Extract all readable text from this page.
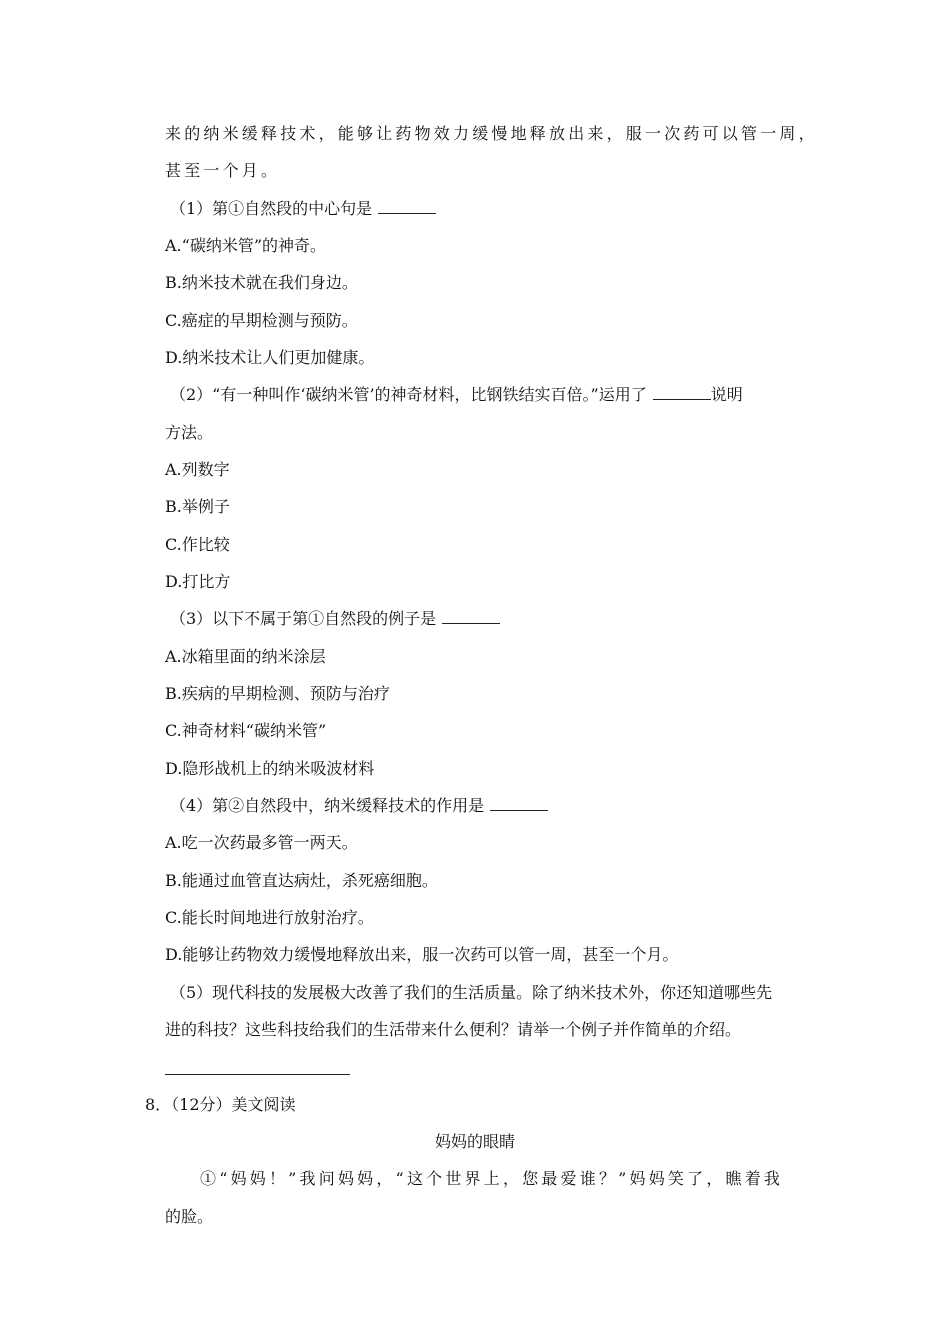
来的纳米缓释技术，能够让药物效力缓慢地释放出来，服一次药可以管一周，
甚至一个月。
（1）第①自然段的中心句是
A.“碳纳米管”的神奇。
B.纳米技术就在我们身边。
C.癌症的早期检测与预防。
D.纳米技术让人们更加健康。
（2）“有一种叫作‘碳纳米管’的神奇材料，比钢铁结实百倍。”运用了	说明
方法。
A.列数字
B.举例子
C.作比较
D.打比方
（3）以下不属于第①自然段的例子是
A.冰箱里面的纳米涂层
B.疾病的早期检测、预防与治疗
C.神奇材料“碳纳米管”
D.隐形战机上的纳米吸波材料
（4）第②自然段中，纳米缓释技术的作用是
A.吃一次药最多管一两天。
B.能通过血管直达病灶，杀死癌细胞。
C.能长时间地进行放射治疗。
D.能够让药物效力缓慢地释放出来，服一次药可以管一周，甚至一个月。
（5）现代科技的发展极大改善了我们的生活质量。除了纳米技术外，你还知道哪些先
进的科技？这些科技给我们的生活带来什么便利？请举一个例子并作简单的介绍。
8．（12分）美文阅读
妈妈的眼睛
①“妈妈！”我问妈妈，“这个世界上，您最爱谁？”妈妈笑了，瞧着我
的脸。
